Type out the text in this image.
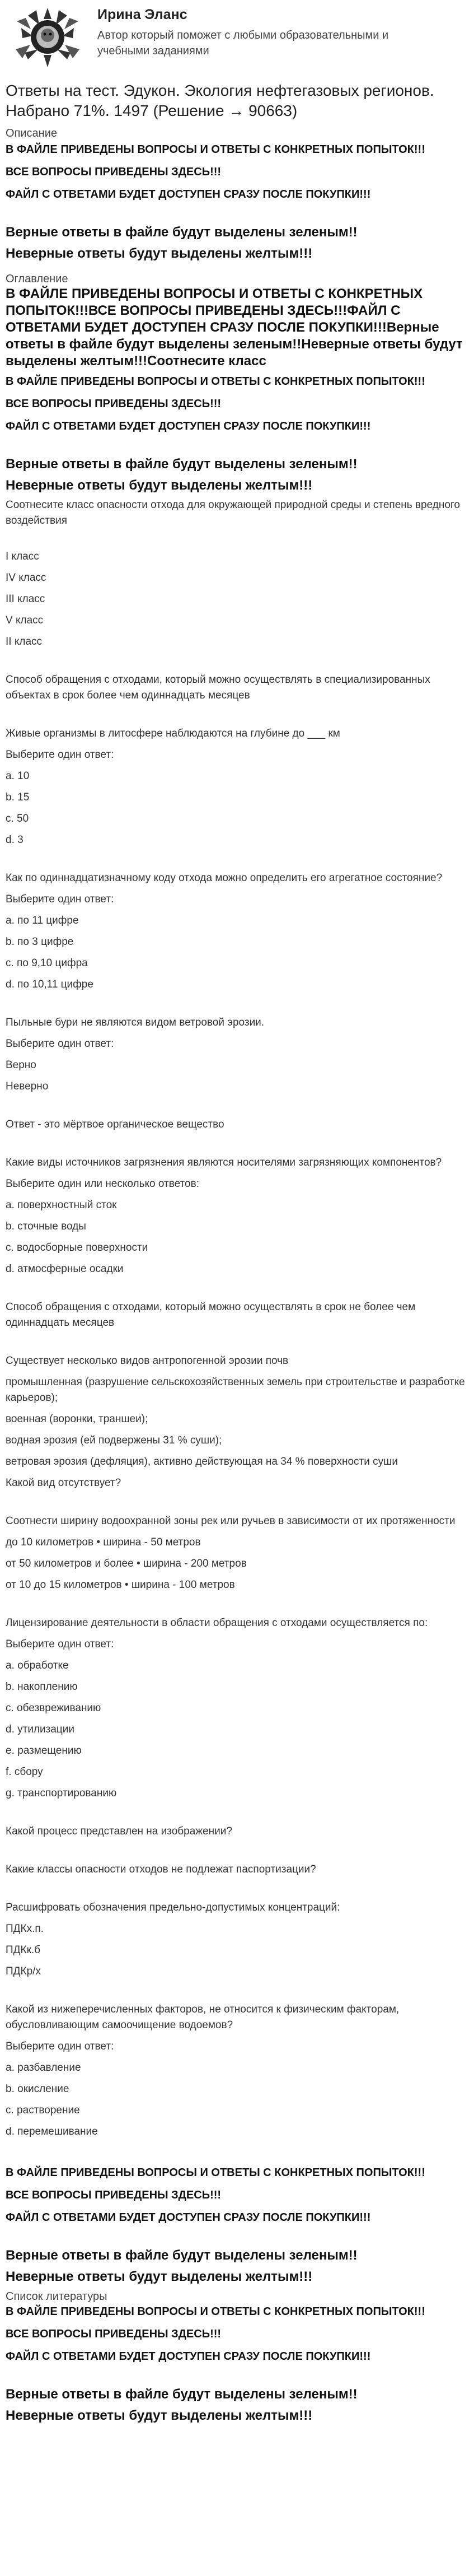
Ирина Эланс
Автор который поможет с любыми образовательными и учебными заданиями
Ответы на тест. Эдукон. Экология нефтегазовых регионов. Набрано 71%. 1497 (Решение → 90663)
Описание
В ФАЙЛЕ ПРИВЕДЕНЫ ВОПРОСЫ И ОТВЕТЫ С КОНКРЕТНЫХ ПОПЫТОК!!!
ВСЕ ВОПРОСЫ ПРИВЕДЕНЫ ЗДЕСЬ!!!
ФАЙЛ С ОТВЕТАМИ БУДЕТ ДОСТУПЕН СРАЗУ ПОСЛЕ ПОКУПКИ!!!
Верные ответы в файле будут выделены зеленым!!
Неверные ответы будут выделены желтым!!!
Оглавление
В ФАЙЛЕ ПРИВЕДЕНЫ ВОПРОСЫ И ОТВЕТЫ С КОНКРЕТНЫХ ПОПЫТОК!!!ВСЕ ВОПРОСЫ ПРИВЕДЕНЫ ЗДЕСЬ!!!ФАЙЛ С ОТВЕТАМИ БУДЕТ ДОСТУПЕН СРАЗУ ПОСЛЕ ПОКУПКИ!!!Верные ответы в файле будут выделены зеленым!!Неверные ответы будут выделены желтым!!!Соотнесите класс
В ФАЙЛЕ ПРИВЕДЕНЫ ВОПРОСЫ И ОТВЕТЫ С КОНКРЕТНЫХ ПОПЫТОК!!!
ВСЕ ВОПРОСЫ ПРИВЕДЕНЫ ЗДЕСЬ!!!
ФАЙЛ С ОТВЕТАМИ БУДЕТ ДОСТУПЕН СРАЗУ ПОСЛЕ ПОКУПКИ!!!
Верные ответы в файле будут выделены зеленым!!
Неверные ответы будут выделены желтым!!!
Соотнесите класс опасности отхода для окружающей природной среды и степень вредного воздействия
I класс
IV класс
III класс
V класс
II класс
Способ обращения с отходами, который можно осуществлять в специализированных объектах в срок более чем одиннадцать месяцев
Живые организмы в литосфере наблюдаются на глубине до ___ км
Выберите один ответ:
a. 10
b. 15
c. 50
d. 3
Как по одиннадцатизначному коду отхода можно определить его агрегатное состояние?
Выберите один ответ:
a. по 11 цифре
b. по 3 цифре
c. по 9,10 цифра
d. по 10,11 цифре
Пыльные бури не являются видом ветровой эрозии.
Выберите один ответ:
Верно
Неверно
Ответ - это мёртвое органическое вещество
Какие виды источников загрязнения являются носителями загрязняющих компонентов?
Выберите один или несколько ответов:
a. поверхностный сток
b. сточные воды
c. водосборные поверхности
d. атмосферные осадки
Способ обращения с отходами, который можно осуществлять в срок не более чем одиннадцать месяцев
Существует несколько видов антропогенной эрозии почв
промышленная (разрушение сельскохозяйственных земель при строительстве и разработке карьеров);
военная (воронки, траншеи);
водная эрозия (ей подвержены 31 % суши);
ветровая эрозия (дефляция), активно действующая на 34 % поверхности суши
Какой вид отсутствует?
Соотнести ширину водоохранной зоны рек или ручьев в зависимости от их протяженности
до 10 километров • ширина - 50 метров
от 50 километров и более • ширина - 200 метров
от 10 до 15 километров • ширина - 100 метров
Лицензирование деятельности в области обращения с отходами осуществляется по:
Выберите один ответ:
a. обработке
b. накоплению
c. обезвреживанию
d. утилизации
e. размещению
f. сбору
g. транспортированию
Какой процесс представлен на изображении?
Какие классы опасности отходов не подлежат паспортизации?
Расшифровать обозначения предельно-допустимых концентраций:
ПДКх.п.
ПДКк.б
ПДКр/х
Какой из нижеперечисленных факторов, не относится к физическим факторам, обусловливающим самоочищение водоемов?
Выберите один ответ:
a. разбавление
b. окисление
c. растворение
d. перемешивание
В ФАЙЛЕ ПРИВЕДЕНЫ ВОПРОСЫ И ОТВЕТЫ С КОНКРЕТНЫХ ПОПЫТОК!!!
ВСЕ ВОПРОСЫ ПРИВЕДЕНЫ ЗДЕСЬ!!!
ФАЙЛ С ОТВЕТАМИ БУДЕТ ДОСТУПЕН СРАЗУ ПОСЛЕ ПОКУПКИ!!!
Верные ответы в файле будут выделены зеленым!!
Неверные ответы будут выделены желтым!!!
Список литературы
В ФАЙЛЕ ПРИВЕДЕНЫ ВОПРОСЫ И ОТВЕТЫ С КОНКРЕТНЫХ ПОПЫТОК!!!
ВСЕ ВОПРОСЫ ПРИВЕДЕНЫ ЗДЕСЬ!!!
ФАЙЛ С ОТВЕТАМИ БУДЕТ ДОСТУПЕН СРАЗУ ПОСЛЕ ПОКУПКИ!!!
Верные ответы в файле будут выделены зеленым!!
Неверные ответы будут выделены желтым!!!
